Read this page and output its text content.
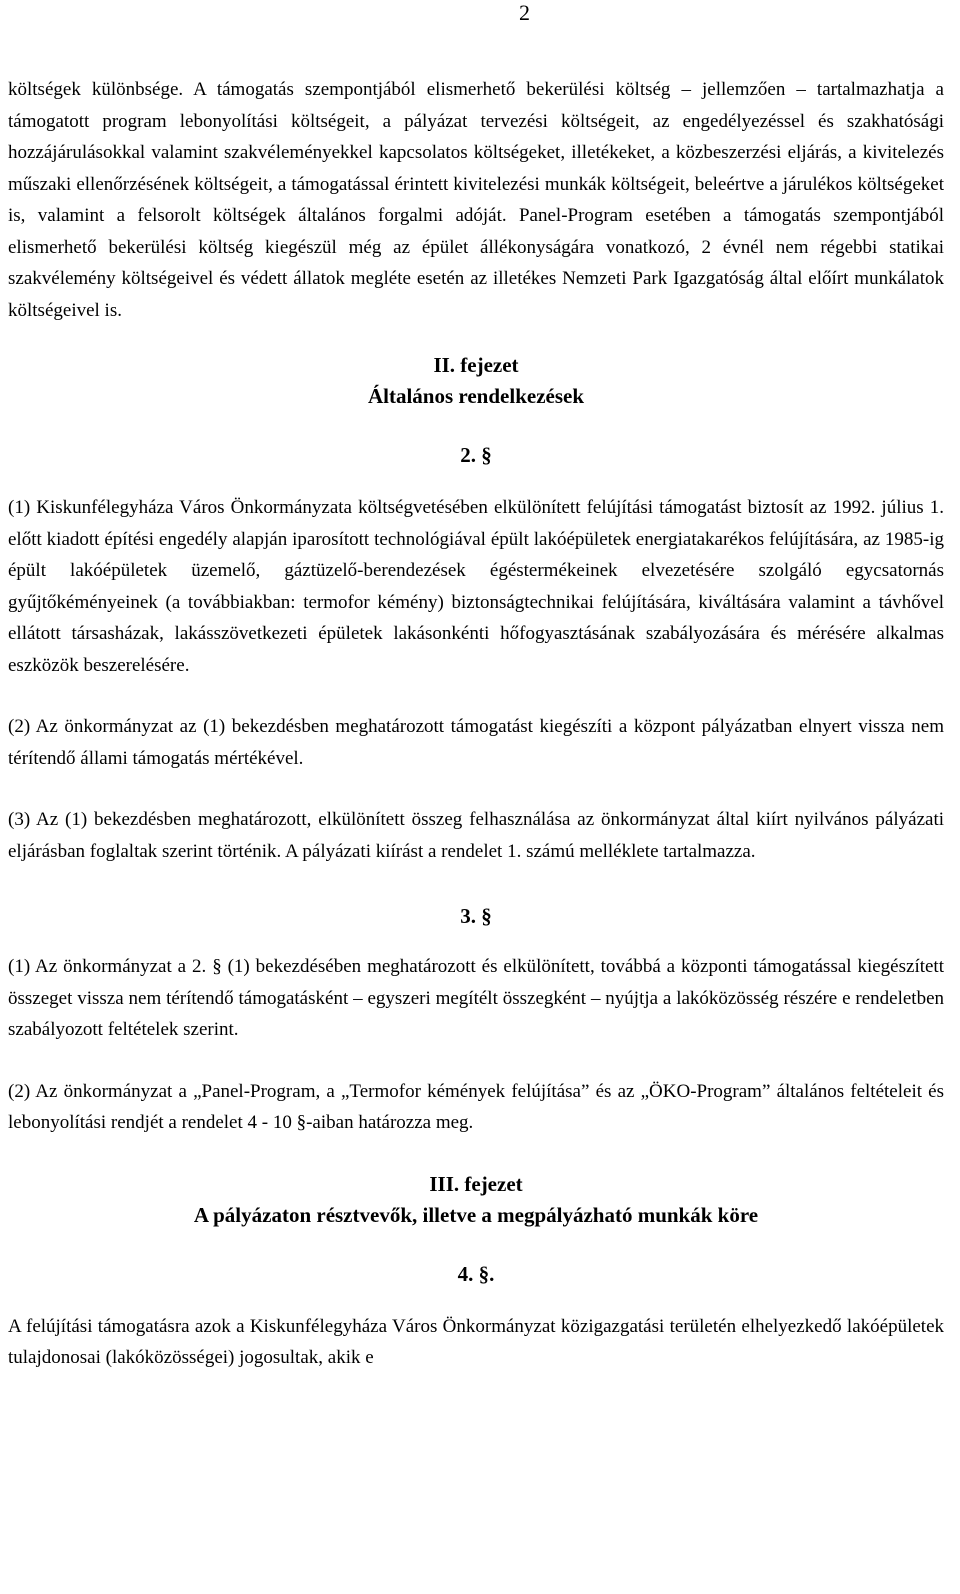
2

költségek különbsége. A támogatás szempontjából elismerhető bekerülési költség – jellemzően – tartalmazhatja a támogatott program lebonyolítási költségeit, a pályázat tervezési költségeit, az engedélyezéssel és szakhatósági hozzájárulásokkal valamint szakvéleményekkel kapcsolatos költségeket, illetékeket, a közbeszerzési eljárás, a kivitelezés műszaki ellenőrzésének költségeit, a támogatással érintett kivitelezési munkák költségeit, beleértve a járulékos költségeket is, valamint a felsorolt költségek általános forgalmi adóját. Panel-Program esetében a támogatás szempontjából elismerhető bekerülési költség kiegészül még az épület állékonyságára vonatkozó, 2 évnél nem régebbi statikai szakvélemény költségeivel és védett állatok megléte esetén az illetékes Nemzeti Park Igazgatóság által előírt munkálatok költségeivel is.

II. fejezet

Általános rendelkezések

2. §

(1) Kiskunfélegyháza Város Önkormányzata költségvetésében elkülönített felújítási támogatást biztosít az 1992. július 1. előtt kiadott építési engedély alapján iparosított technológiával épült lakóépületek energiatakarékos felújítására, az 1985-ig épült lakóépületek üzemelő, gáztüzelő-berendezések égéstermékeinek elvezetésére szolgáló egycsatornás gyűjtőkéményeinek (a továbbiakban: termofor kémény) biztonságtechnikai felújítására, kiváltására valamint a távhővel ellátott társasházak, lakásszövetkezeti épületek lakásonkénti hőfogyasztásának szabályozására és mérésére alkalmas eszközök beszerelésére.

(2) Az önkormányzat az (1) bekezdésben meghatározott támogatást kiegészíti a központ pályázatban elnyert vissza nem térítendő állami támogatás mértékével.

(3) Az (1) bekezdésben meghatározott, elkülönített összeg felhasználása az önkormányzat által kiírt nyilvános pályázati eljárásban foglaltak szerint történik. A pályázati kiírást a rendelet 1. számú melléklete tartalmazza.

3. §

(1) Az önkormányzat a 2. § (1) bekezdésében meghatározott és elkülönített, továbbá a központi támogatással kiegészített összeget vissza nem térítendő támogatásként – egyszeri megítélt összegként – nyújtja a lakóközösség részére e rendeletben szabályozott feltételek szerint.

(2) Az önkormányzat a „Panel-Program, a „Termofor kémények felújítása” és az „ÖKO-Program” általános feltételeit és lebonyolítási rendjét a rendelet 4 - 10 §-aiban határozza meg.

III. fejezet

A pályázaton résztvevők, illetve a megpályázható munkák köre

4. §.

A felújítási támogatásra azok a Kiskunfélegyháza Város Önkormányzat közigazgatási területén elhelyezkedő lakóépületek tulajdonosai (lakóközösségei) jogosultak, akik e
